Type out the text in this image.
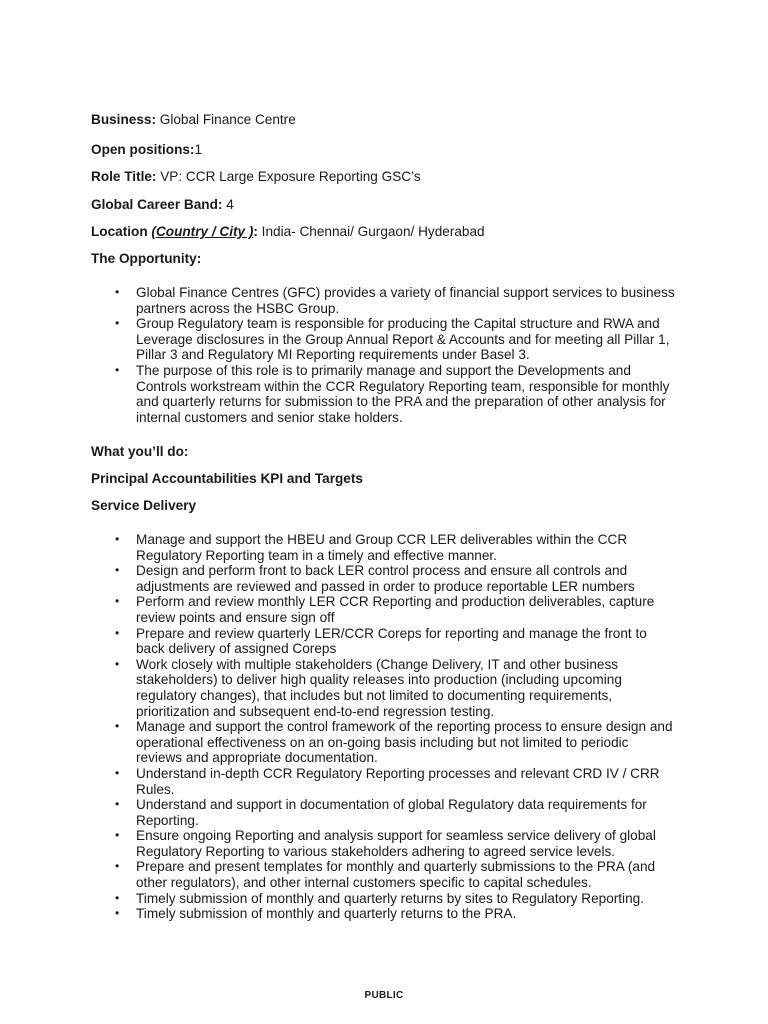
Business: Global Finance Centre
Open positions:1
Role Title: VP: CCR Large Exposure Reporting GSC’s
Global Career Band: 4
Location (Country / City ): India- Chennai/ Gurgaon/ Hyderabad
The Opportunity:
• Global Finance Centres (GFC) provides a variety of financial support services to business partners across the HSBC Group.
• Group Regulatory team is responsible for producing the Capital structure and RWA and Leverage disclosures in the Group Annual Report & Accounts and for meeting all Pillar 1, Pillar 3 and Regulatory MI Reporting requirements under Basel 3.
• The purpose of this role is to primarily manage and support the Developments and Controls workstream within the CCR Regulatory Reporting team, responsible for monthly and quarterly returns for submission to the PRA and the preparation of other analysis for internal customers and senior stake holders.
What you’ll do:
Principal Accountabilities KPI and Targets
Service Delivery
• Manage and support the HBEU and Group CCR LER deliverables within the CCR Regulatory Reporting team in a timely and effective manner.
• Design and perform front to back LER control process and ensure all controls and adjustments are reviewed and passed in order to produce reportable LER numbers
• Perform and review monthly LER CCR Reporting and production deliverables, capture review points and ensure sign off
• Prepare and review quarterly LER/CCR Coreps for reporting and manage the front to back delivery of assigned Coreps
• Work closely with multiple stakeholders (Change Delivery, IT and other business stakeholders) to deliver high quality releases into production (including upcoming regulatory changes), that includes but not limited to documenting requirements, prioritization and subsequent end-to-end regression testing.
• Manage and support the control framework of the reporting process to ensure design and operational effectiveness on an on-going basis including but not limited to periodic reviews and appropriate documentation.
• Understand in-depth CCR Regulatory Reporting processes and relevant CRD IV / CRR Rules.
• Understand and support in documentation of global Regulatory data requirements for Reporting.
• Ensure ongoing Reporting and analysis support for seamless service delivery of global Regulatory Reporting to various stakeholders adhering to agreed service levels.
• Prepare and present templates for monthly and quarterly submissions to the PRA (and other regulators), and other internal customers specific to capital schedules.
• Timely submission of monthly and quarterly returns by sites to Regulatory Reporting.
• Timely submission of monthly and quarterly returns to the PRA.
PUBLIC
